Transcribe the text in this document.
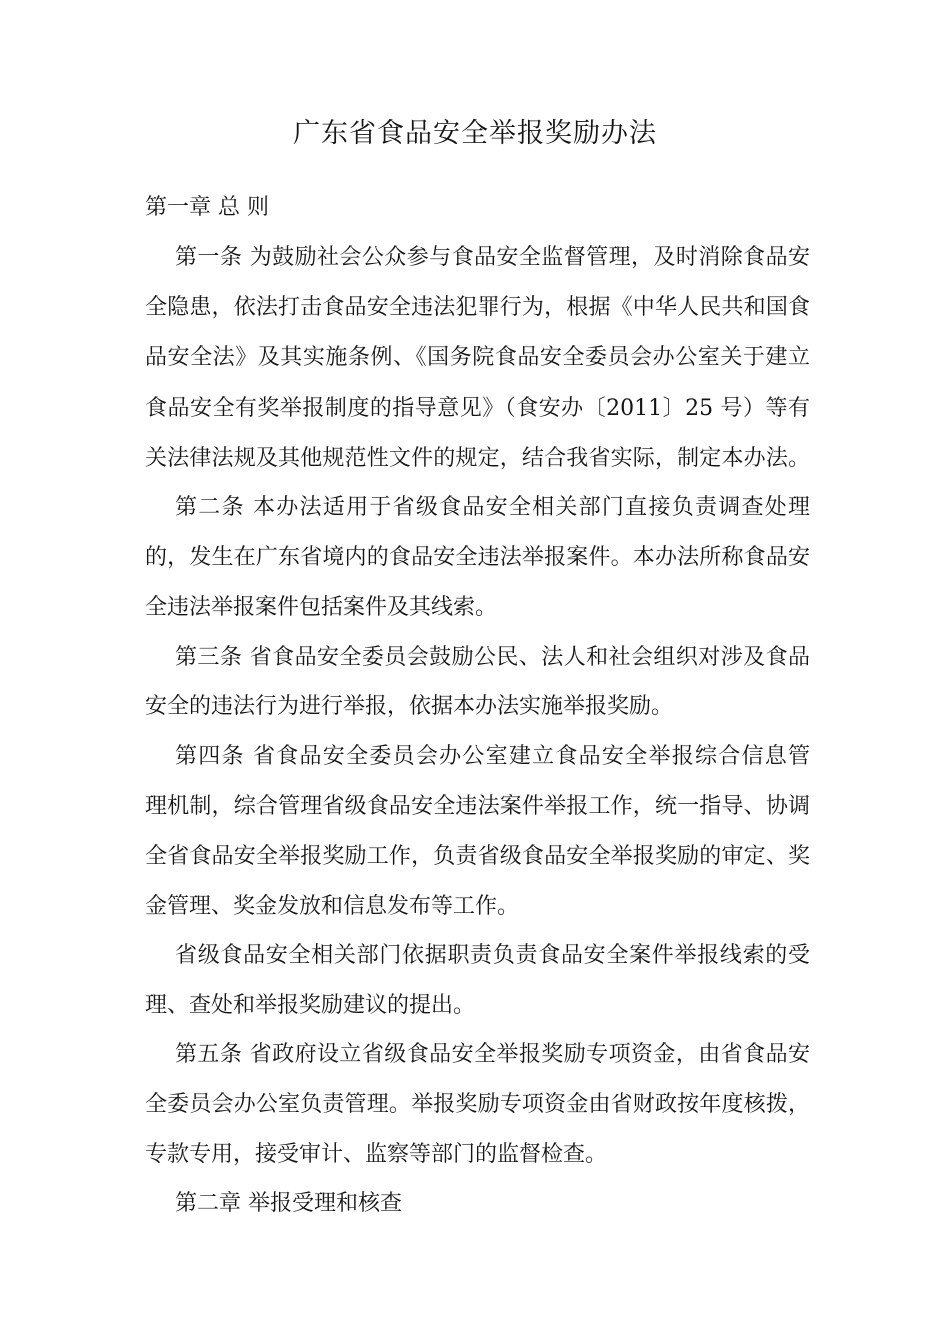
广东省食品安全举报奖励办法
第一章 总 则
第一条 为鼓励社会公众参与食品安全监督管理，及时消除食品安
全隐患，依法打击食品安全违法犯罪行为，根据《中华人民共和国食
品安全法》及其实施条例、《国务院食品安全委员会办公室关于建立
食品安全有奖举报制度的指导意见》（食安办〔2011〕25 号）等有
关法律法规及其他规范性文件的规定，结合我省实际，制定本办法。
第二条 本办法适用于省级食品安全相关部门直接负责调查处理
的，发生在广东省境内的食品安全违法举报案件。本办法所称食品安
全违法举报案件包括案件及其线索。
第三条 省食品安全委员会鼓励公民、法人和社会组织对涉及食品
安全的违法行为进行举报，依据本办法实施举报奖励。
第四条 省食品安全委员会办公室建立食品安全举报综合信息管
理机制，综合管理省级食品安全违法案件举报工作，统一指导、协调
全省食品安全举报奖励工作，负责省级食品安全举报奖励的审定、奖
金管理、奖金发放和信息发布等工作。
省级食品安全相关部门依据职责负责食品安全案件举报线索的受
理、查处和举报奖励建议的提出。
第五条 省政府设立省级食品安全举报奖励专项资金，由省食品安
全委员会办公室负责管理。举报奖励专项资金由省财政按年度核拨，
专款专用，接受审计、监察等部门的监督检查。
第二章 举报受理和核查
